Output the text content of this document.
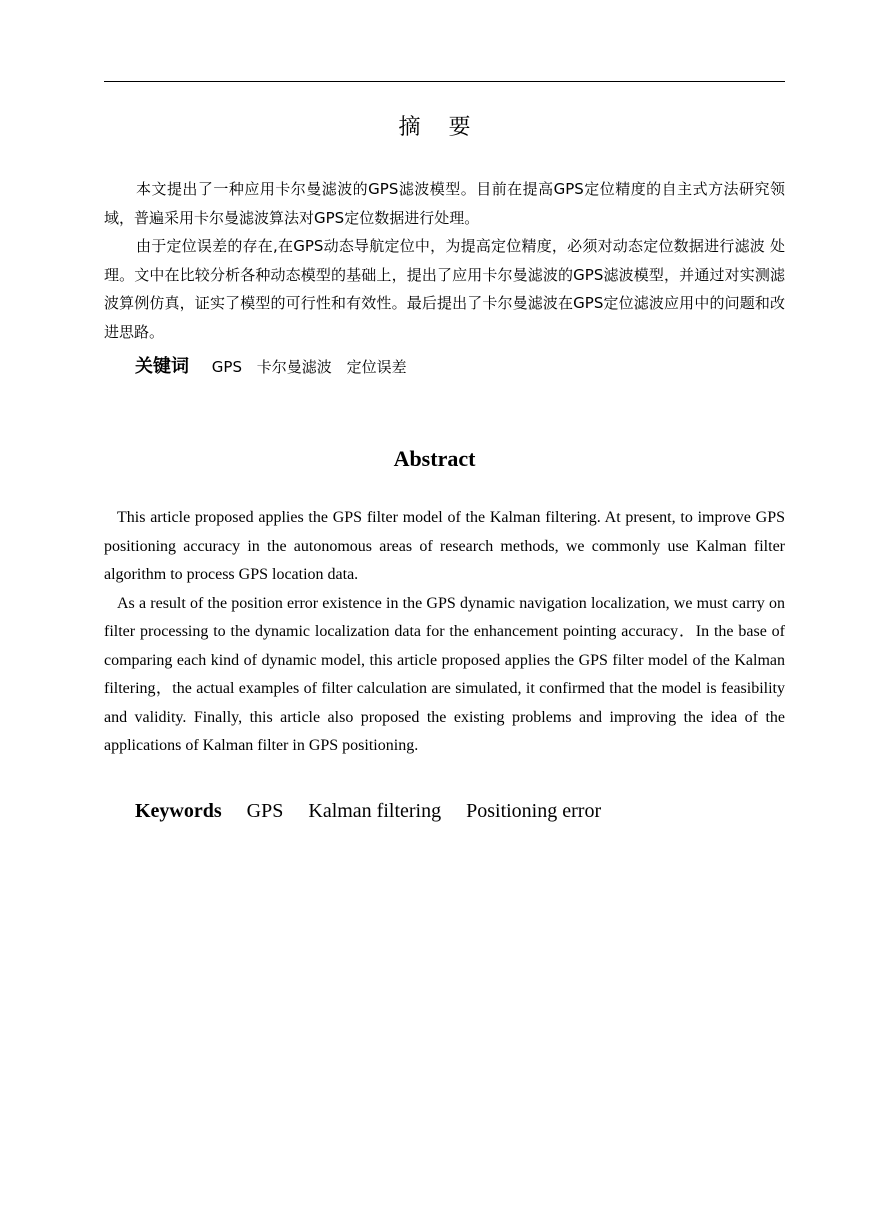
摘要

本文提出了一种应用卡尔曼滤波的GPS滤波模型。目前在提高GPS定位精度的自主式方法研究领域，普遍采用卡尔曼滤波算法对GPS定位数据进行处理。

由于定位误差的存在,在GPS动态导航定位中，为提高定位精度，必须对动态定位数据进行滤波 处理。文中在比较分析各种动态模型的基础上，提出了应用卡尔曼滤波的GPS滤波模型，并通过对实测滤波算例仿真，证实了模型的可行性和有效性。最后提出了卡尔曼滤波在GPS定位滤波应用中的问题和改进思路。

关键词 GPS 卡尔曼滤波 定位误差
Abstract

This article proposed applies the GPS filter model of the Kalman filtering. At present, to improve GPS positioning accuracy in the autonomous areas of research methods, we commonly use Kalman filter algorithm to process GPS location data.

As a result of the position error existence in the GPS dynamic navigation localization, we must carry on filter processing to the dynamic localization data for the enhancement pointing accuracy．In the base of comparing each kind of dynamic model, this article proposed applies the GPS filter model of the Kalman filtering，the actual examples of filter calculation are simulated, it confirmed that the model is feasibility and validity. Finally, this article also proposed the existing problems and improving the idea of the applications of Kalman filter in GPS positioning.

Keywords GPS Kalman filtering Positioning error
